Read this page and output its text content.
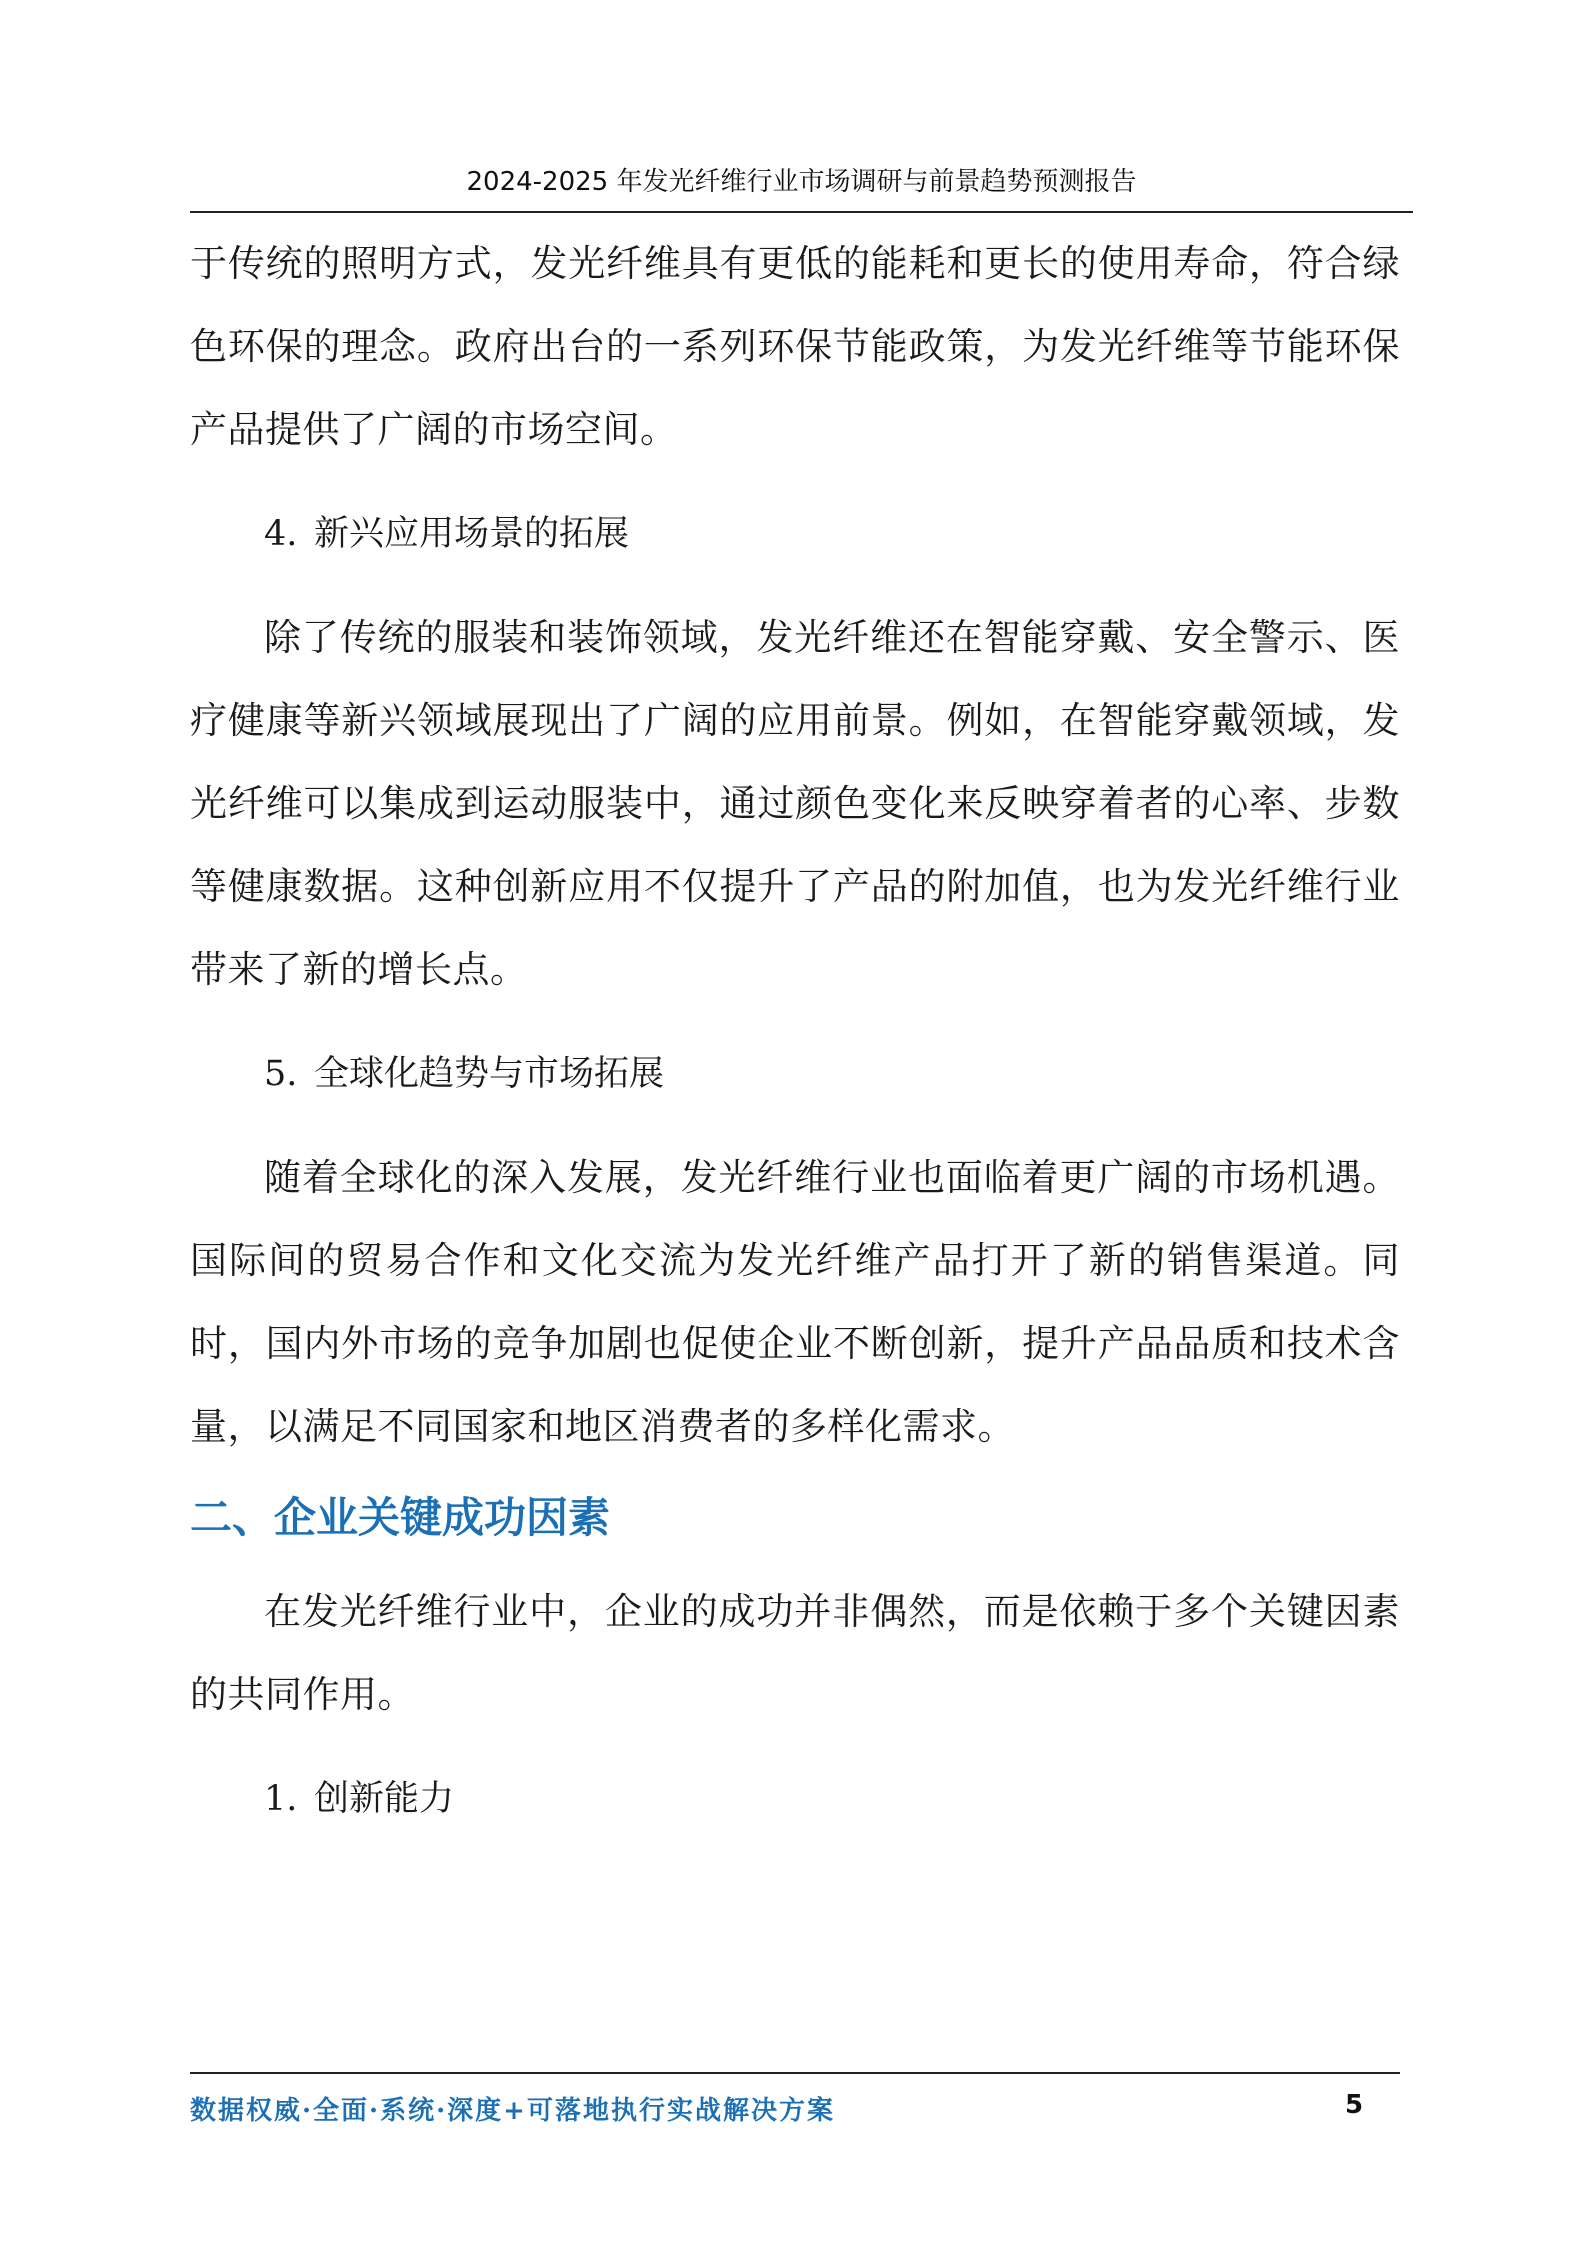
2024-2025 年发光纤维行业市场调研与前景趋势预测报告

于传统的照明方式，发光纤维具有更低的能耗和更长的使用寿命，符合绿色环保的理念。政府出台的一系列环保节能政策，为发光纤维等节能环保产品提供了广阔的市场空间。

4. 新兴应用场景的拓展

除了传统的服装和装饰领域，发光纤维还在智能穿戴、安全警示、医疗健康等新兴领域展现出了广阔的应用前景。例如，在智能穿戴领域，发光纤维可以集成到运动服装中，通过颜色变化来反映穿着者的心率、步数等健康数据。这种创新应用不仅提升了产品的附加值，也为发光纤维行业带来了新的增长点。

5. 全球化趋势与市场拓展

随着全球化的深入发展，发光纤维行业也面临着更广阔的市场机遇。国际间的贸易合作和文化交流为发光纤维产品打开了新的销售渠道。同时，国内外市场的竞争加剧也促使企业不断创新，提升产品品质和技术含量，以满足不同国家和地区消费者的多样化需求。

二、企业关键成功因素

在发光纤维行业中，企业的成功并非偶然，而是依赖于多个关键因素的共同作用。

1. 创新能力

数据权威·全面·系统·深度+可落地执行实战解决方案	5
